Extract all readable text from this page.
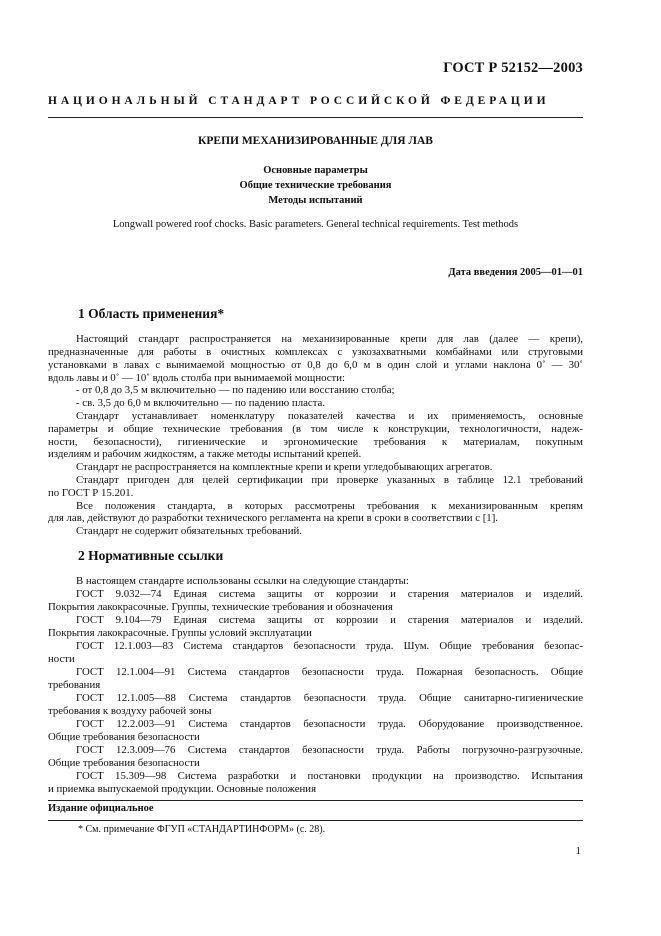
ГОСТ Р 52152—2003
НАЦИОНАЛЬНЫЙ СТАНДАРТ РОССИЙСКОЙ ФЕДЕРАЦИИ
КРЕПИ МЕХАНИЗИРОВАННЫЕ ДЛЯ ЛАВ
Основные параметры
Общие технические требования
Методы испытаний
Longwall powered roof chocks. Basic parameters. General technical requirements. Test methods
Дата введения 2005—01—01
1 Область применения*
Настоящий стандарт распространяется на механизированные крепи для лав (далее — крепи),
предназначенные для работы в очистных комплексах с узкозахватными комбайнами или струговыми
установками в лавах с вынимаемой мощностью от 0,8 до 6,0 м в один слой и углами наклона 0˚ — 30˚
вдоль лавы и 0˚ — 10˚ вдоль столба при вынимаемой мощности:
- от 0,8 до 3,5 м включительно — по падению или восстанию столба;
- св. 3,5 до 6,0 м включительно — по падению пласта.
Стандарт устанавливает номенклатуру показателей качества и их применяемость, основные
параметры и общие технические требования (в том числе к конструкции, технологичности, надеж-
ности, безопасности), гигиенические и эргономические требования к материалам, покупным
изделиям и рабочим жидкостям, а также методы испытаний крепей.
Стандарт не распространяется на комплектные крепи и крепи угледобывающих агрегатов.
Стандарт пригоден для целей сертификации при проверке указанных в таблице 12.1 требований
по ГОСТ Р 15.201.
Все положения стандарта, в которых рассмотрены требования к механизированным крепям
для лав, действуют до разработки технического регламента на крепи в сроки в соответствии с [1].
Стандарт не содержит обязательных требований.
2 Нормативные ссылки
В настоящем стандарте использованы ссылки на следующие стандарты:
ГОСТ 9.032—74 Единая система защиты от коррозии и старения материалов и изделий.
Покрытия лакокрасочные. Группы, технические требования и обозначения
ГОСТ 9.104—79 Единая система защиты от коррозии и старения материалов и изделий.
Покрытия лакокрасочные. Группы условий эксплуатации
ГОСТ 12.1.003—83 Система стандартов безопасности труда. Шум. Общие требования безопас-
ности
ГОСТ 12.1.004—91 Система стандартов безопасности труда. Пожарная безопасность. Общие
требования
ГОСТ 12.1.005—88 Система стандартов безопасности труда. Общие санитарно-гигиенические
требования к воздуху рабочей зоны
ГОСТ 12.2.003—91 Система стандартов безопасности труда. Оборудование производственное.
Общие требования безопасности
ГОСТ 12.3.009—76 Система стандартов безопасности труда. Работы погрузочно-разгрузочные.
Общие требования безопасности
ГОСТ 15.309—98 Система разработки и постановки продукции на производство. Испытания
и приемка выпускаемой продукции. Основные положения
Издание официальное
* См. примечание ФГУП «СТАНДАРТИНФОРМ» (с. 28).
1
